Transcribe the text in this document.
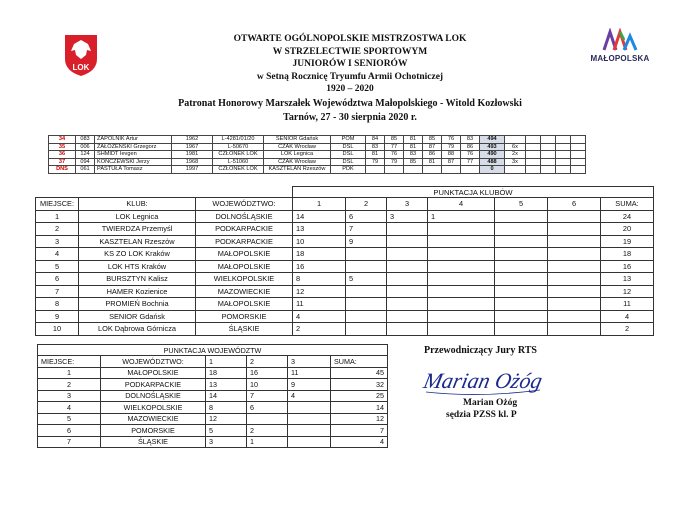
LOK
OTWARTE OGÓLNOPOLSKIE MISTRZOSTWA LOK
W STRZELECTWIE SPORTOWYM
JUNIORÓW I SENIORÓW
w Setną Rocznicę Tryumfu Armii Ochotniczej
1920 – 2020
Patronat Honorowy Marszałek Województwa Małopolskiego - Witold Kozłowski
Tarnów, 27 - 30 sierpnia 2020 r.
MAŁOPOLSKA
34	083	ZAPOLNIK Artur	1962	L-4281/01/20	SENIOR Gdańsk	POM	84	85	81	85	76	83	494					
35	006	ZAŁOŻEŃSKI Grzegorz	1967	L-50670	CZAK Wrocław	DSL	83	77	81	87	79	86	493	6x				
36	124	SHMIDT Ievgen	1981	CZŁONEK LOK	LOK Legnica	DSL	81	76	83	86	88	76	490	2x				
37	094	KOŃCZEWSKI Jerzy	1968	L-51060	CZAK Wrocław	DSL	79	79	85	81	87	77	488	3x				
DNS	061	PASTUŁA Tomasz	1997	CZŁONEK LOK	KASZTELAN Rzeszów	PDK							0					
			PUNKTACJA KLUBÓW						
MIEJSCE:	KLUB:	WOJEWÓDZTWO:	1	2	3	4	5	6	SUMA:
1	LOK Legnica	DOLNOŚLĄSKIE	14	6	3	1			24
2	TWIERDZA Przemyśl	PODKARPACKIE	13	7					20
3	KASZTELAN Rzeszów	PODKARPACKIE	10	9					19
4	KS ZO LOK Kraków	MAŁOPOLSKIE	18						18
5	LOK HTS Kraków	MAŁOPOLSKIE	16						16
6	BURSZTYN Kalisz	WIELKOPOLSKIE	8	5					13
7	HAMER Kozienice	MAZOWIECKIE	12						12
8	PROMIEŃ Bochnia	MAŁOPOLSKIE	11						11
9	SENIOR Gdańsk	POMORSKIE	4						4
10	LOK Dąbrowa Górnicza	ŚLĄSKIE	2						2
PUNKTACJA WOJEWÓDZTW					
MIEJSCE:	WOJEWÓDZTWO:	1	2	3	SUMA:
1	MAŁOPOLSKIE	18	16	11	45
2	PODKARPACKIE	13	10	9	32
3	DOLNOŚLĄSKIE	14	7	4	25
4	WIELKOPOLSKIE	8	6		14
5	MAZOWIECKIE	12			12
6	POMORSKIE	5	2		7
7	ŚLĄSKIE	3	1		4
Przewodniczący Jury RTS
Marian Ożóg
Marian Ożóg
sędzia PZSS kl. P
